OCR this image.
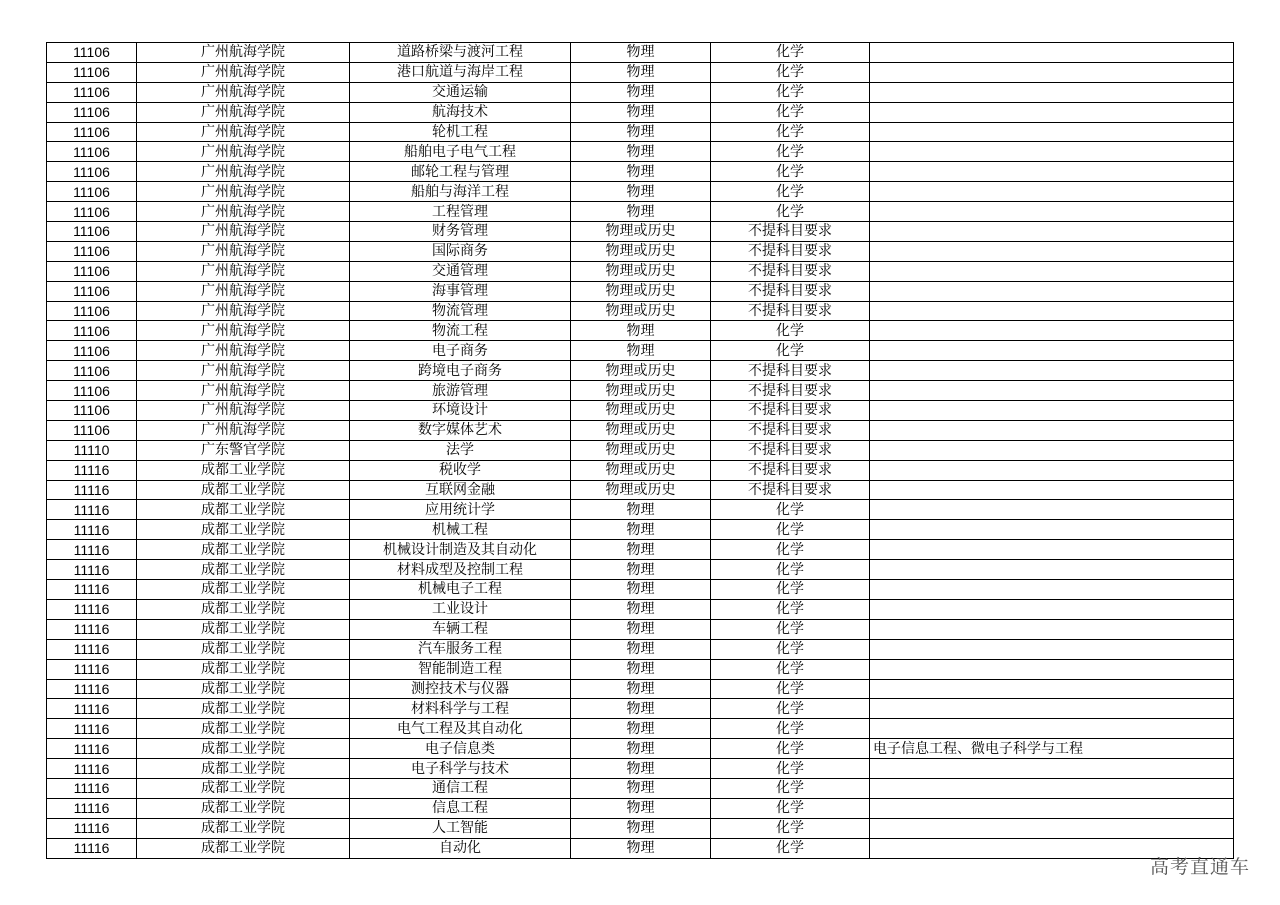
11106	广州航海学院	道路桥梁与渡河工程	物理	化学	
11106	广州航海学院	港口航道与海岸工程	物理	化学	
11106	广州航海学院	交通运输	物理	化学	
11106	广州航海学院	航海技术	物理	化学	
11106	广州航海学院	轮机工程	物理	化学	
11106	广州航海学院	船舶电子电气工程	物理	化学	
11106	广州航海学院	邮轮工程与管理	物理	化学	
11106	广州航海学院	船舶与海洋工程	物理	化学	
11106	广州航海学院	工程管理	物理	化学	
11106	广州航海学院	财务管理	物理或历史	不提科目要求	
11106	广州航海学院	国际商务	物理或历史	不提科目要求	
11106	广州航海学院	交通管理	物理或历史	不提科目要求	
11106	广州航海学院	海事管理	物理或历史	不提科目要求	
11106	广州航海学院	物流管理	物理或历史	不提科目要求	
11106	广州航海学院	物流工程	物理	化学	
11106	广州航海学院	电子商务	物理	化学	
11106	广州航海学院	跨境电子商务	物理或历史	不提科目要求	
11106	广州航海学院	旅游管理	物理或历史	不提科目要求	
11106	广州航海学院	环境设计	物理或历史	不提科目要求	
11106	广州航海学院	数字媒体艺术	物理或历史	不提科目要求	
11110	广东警官学院	法学	物理或历史	不提科目要求	
11116	成都工业学院	税收学	物理或历史	不提科目要求	
11116	成都工业学院	互联网金融	物理或历史	不提科目要求	
11116	成都工业学院	应用统计学	物理	化学	
11116	成都工业学院	机械工程	物理	化学	
11116	成都工业学院	机械设计制造及其自动化	物理	化学	
11116	成都工业学院	材料成型及控制工程	物理	化学	
11116	成都工业学院	机械电子工程	物理	化学	
11116	成都工业学院	工业设计	物理	化学	
11116	成都工业学院	车辆工程	物理	化学	
11116	成都工业学院	汽车服务工程	物理	化学	
11116	成都工业学院	智能制造工程	物理	化学	
11116	成都工业学院	测控技术与仪器	物理	化学	
11116	成都工业学院	材料科学与工程	物理	化学	
11116	成都工业学院	电气工程及其自动化	物理	化学	
11116	成都工业学院	电子信息类	物理	化学	电子信息工程、微电子科学与工程
11116	成都工业学院	电子科学与技术	物理	化学	
11116	成都工业学院	通信工程	物理	化学	
11116	成都工业学院	信息工程	物理	化学	
11116	成都工业学院	人工智能	物理	化学	
11116	成都工业学院	自动化	物理	化学	
高考直通车
